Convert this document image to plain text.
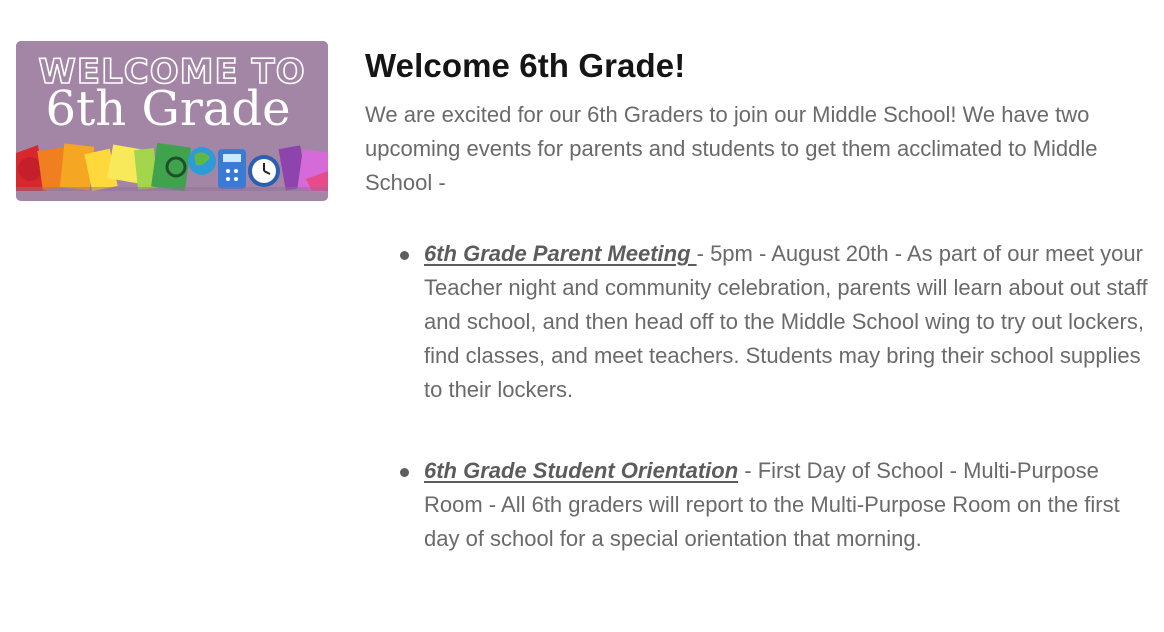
WELCOME TO
6th Grade
Welcome 6th Grade!

We are excited for our 6th Graders to join our Middle School! We have two upcoming events for parents and students to get them acclimated to Middle School -

6th Grade Parent Meeting - 5pm - August 20th - As part of our meet your Teacher night and community celebration, parents will learn about out staff and school, and then head off to the Middle School wing to try out lockers, find classes, and meet teachers. Students may bring their school supplies to their lockers.
6th Grade Student Orientation - First Day of School - Multi-Purpose Room - All 6th graders will report to the Multi-Purpose Room on the first day of school for a special orientation that morning.
